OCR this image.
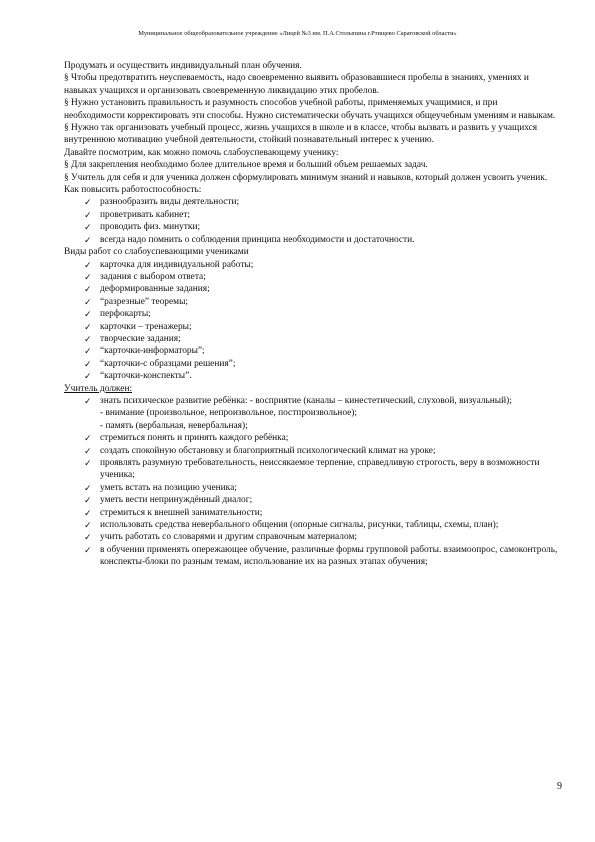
Муниципальное общеобразовательное учреждение «Лицей №3 им. П.А.Столыпина г.Ртищево Саратовской области»

Продумать и осуществить индивидуальный план обучения.

§ Чтобы предотвратить неуспеваемость, надо своевременно выявить образовавшиеся пробелы в знаниях, умениях и навыках учащихся и организовать своевременную ликвидацию этих пробелов.

§ Нужно установить правильность и разумность способов учебной работы, применяемых учащимися, и при необходимости корректировать эти способы. Нужно систематически обучать учащихся общеучебным умениям и навыкам.

§ Нужно так организовать учебный процесс, жизнь учащихся в школе и в классе, чтобы вызвать и развить у учащихся внутреннюю мотивацию учебной деятельности, стойкий познавательный интерес к учению.

Давайте посмотрим, как можно помочь слабоуспевающему ученику:

§ Для закрепления необходимо более длительное время и больший объем решаемых задач.

§ Учитель для себя и для ученика должен сформулировать минимум знаний и навыков, который должен усвоить ученик.

Как повысить работоспособность:

✓ разнообразить виды деятельности;
✓ проветривать кабинет;
✓ проводить физ. минутки;
✓ всегда надо помнить о соблюдения принципа необходимости и достаточности.

Виды работ со слабоуспевающими учениками

✓ карточка для индивидуальной работы;
✓ задания с выбором ответа;
✓ деформированные задания;
✓ “разрезные” теоремы;
✓ перфокарты;
✓ карточки – тренажеры;
✓ творческие задания;
✓ “карточки-информаторы”;
✓ “карточки-с образцами решения”;
✓ “карточки-конспекты”.

Учитель должен:

✓ знать психическое развитие ребёнка: - восприятие (каналы – кинестетический, слуховой, визуальный);
- внимание (произвольное, непроизвольное, постпроизвольное);
- память (вербальная, невербальная);
✓ стремиться понять и принять каждого ребёнка;
✓ создать спокойную обстановку и благоприятный психологический климат на уроке;
✓ проявлять разумную требовательность, неиссякаемое терпение, справедливую строгость, веру в возможности ученика;
✓ уметь встать на позицию ученика;
✓ уметь вести непринуждённый диалог;
✓ стремиться к внешней занимательности;
✓ использовать средства невербального общения (опорные сигналы, рисунки, таблицы, схемы, план);
✓ учить работать со словарями и другим справочным материалом;
✓ в обучении применять опережающее обучение, различные формы групповой работы. взаимоопрос, самоконтроль, конспекты-блоки по разным темам, использование их на разных этапах обучения;
9
